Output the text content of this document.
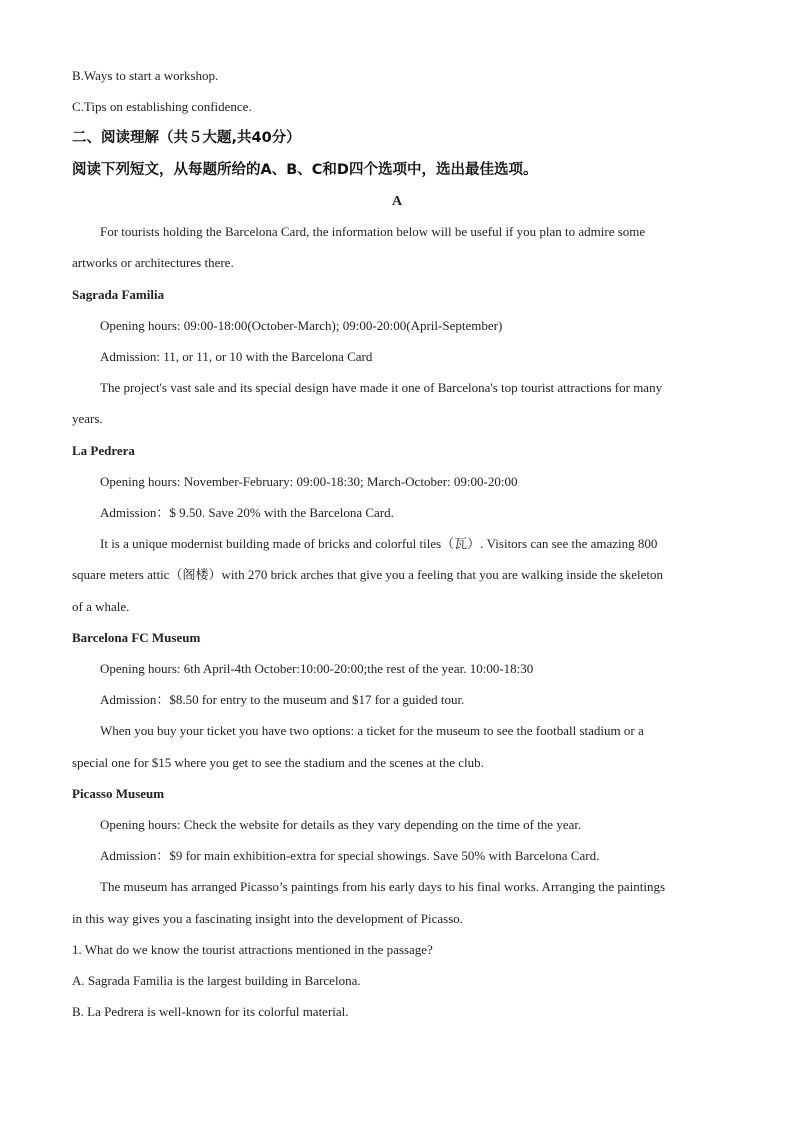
B.Ways to start a workshop.
C.Tips on establishing confidence.
二、阅读理解（共５大题,共40分）
阅读下列短文，从每题所给的A、B、C和D四个选项中，选出最佳选项。
A
For tourists holding the Barcelona Card, the information below will be useful if you plan to admire some
artworks or architectures there.
Sagrada Familia
Opening hours: 09:00-18:00(October-March); 09:00-20:00(April-September)
Admission: 11, or 11, or 10 with the Barcelona Card
The project's vast sale and its special design have made it one of Barcelona's top tourist attractions for many
years.
La Pedrera
Opening hours: November-February: 09:00-18:30; March-October: 09:00-20:00
Admission：$ 9.50. Save 20% with the Barcelona Card.
It is a unique modernist building made of bricks and colorful tiles（瓦）. Visitors can see the amazing 800
square meters attic（阁楼）with 270 brick arches that give you a feeling that you are walking inside the skeleton
of a whale.
Barcelona FC Museum
Opening hours: 6th April-4th October:10:00-20:00;the rest of the year. 10:00-18:30
Admission：$8.50 for entry to the museum and $17 for a guided tour.
When you buy your ticket you have two options: a ticket for the museum to see the football stadium or a
special one for $15 where you get to see the stadium and the scenes at the club.
Picasso Museum
Opening hours: Check the website for details as they vary depending on the time of the year.
Admission：$9 for main exhibition-extra for special showings. Save 50% with Barcelona Card.
The museum has arranged Picasso’s paintings from his early days to his final works. Arranging the paintings
in this way gives you a fascinating insight into the development of Picasso.
1. What do we know the tourist attractions mentioned in the passage?
A. Sagrada Familia is the largest building in Barcelona.
B. La Pedrera is well-known for its colorful material.
